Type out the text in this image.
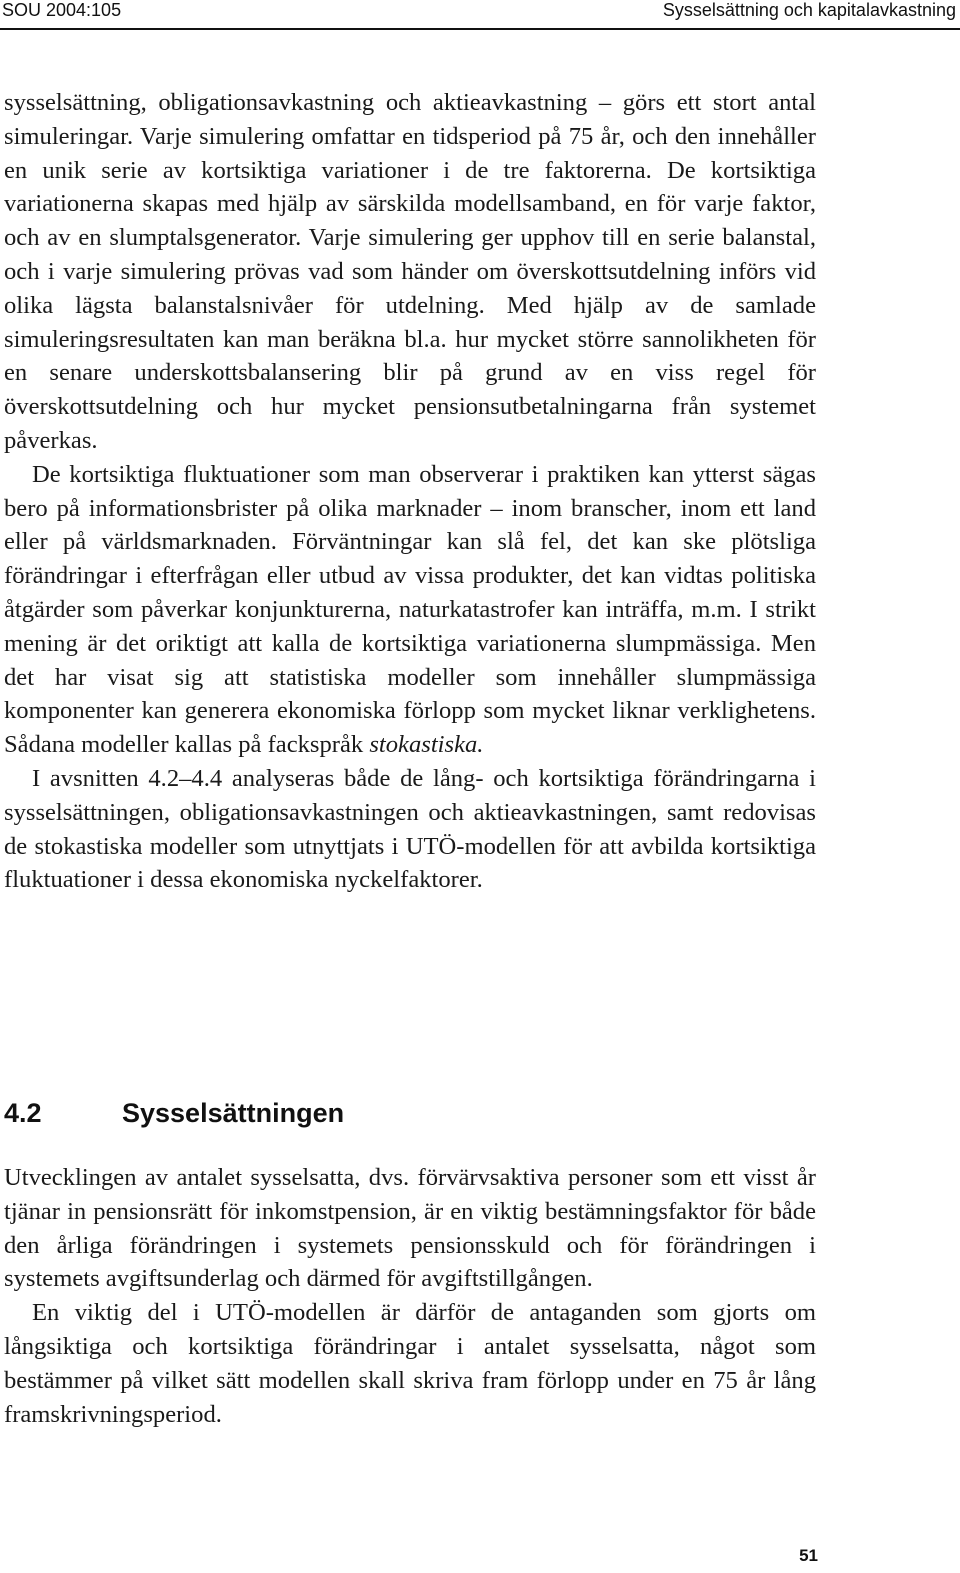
SOU 2004:105	Sysselsättning och kapitalavkastning

sysselsättning, obligationsavkastning och aktieavkastning – görs ett stort antal simuleringar. Varje simulering omfattar en tidsperiod på 75 år, och den innehåller en unik serie av kortsiktiga variationer i de tre faktorerna. De kortsiktiga variationerna skapas med hjälp av särskilda modellsamband, en för varje faktor, och av en slumptalsgenerator. Varje simulering ger upphov till en serie balanstal, och i varje simulering prövas vad som händer om överskottsutdelning införs vid olika lägsta balanstalsnivåer för utdelning. Med hjälp av de samlade simuleringsresultaten kan man beräkna bl.a. hur mycket större sannolikheten för en senare underskottsbalansering blir på grund av en viss regel för överskottsutdelning och hur mycket pensionsutbetalningarna från systemet påverkas.

De kortsiktiga fluktuationer som man observerar i praktiken kan ytterst sägas bero på informationsbrister på olika marknader – inom branscher, inom ett land eller på världsmarknaden. Förväntningar kan slå fel, det kan ske plötsliga förändringar i efterfrågan eller utbud av vissa produkter, det kan vidtas politiska åtgärder som påverkar konjunkturerna, naturkatastrofer kan inträffa, m.m. I strikt mening är det oriktigt att kalla de kortsiktiga variationerna slumpmässiga. Men det har visat sig att statistiska modeller som innehåller slumpmässiga komponenter kan generera ekonomiska förlopp som mycket liknar verklighetens. Sådana modeller kallas på fackspråk stokastiska.

I avsnitten 4.2–4.4 analyseras både de lång- och kortsiktiga förändringarna i sysselsättningen, obligationsavkastningen och aktieavkastningen, samt redovisas de stokastiska modeller som utnyttjats i UTÖ-modellen för att avbilda kortsiktiga fluktuationer i dessa ekonomiska nyckelfaktorer.

4.2	Sysselsättningen

Utvecklingen av antalet sysselsatta, dvs. förvärvsaktiva personer som ett visst år tjänar in pensionsrätt för inkomstpension, är en viktig bestämningsfaktor för både den årliga förändringen i systemets pensionsskuld och för förändringen i systemets avgiftsunderlag och därmed för avgiftstillgången.

En viktig del i UTÖ-modellen är därför de antaganden som gjorts om långsiktiga och kortsiktiga förändringar i antalet sysselsatta, något som bestämmer på vilket sätt modellen skall skriva fram förlopp under en 75 år lång framskrivningsperiod.

51
